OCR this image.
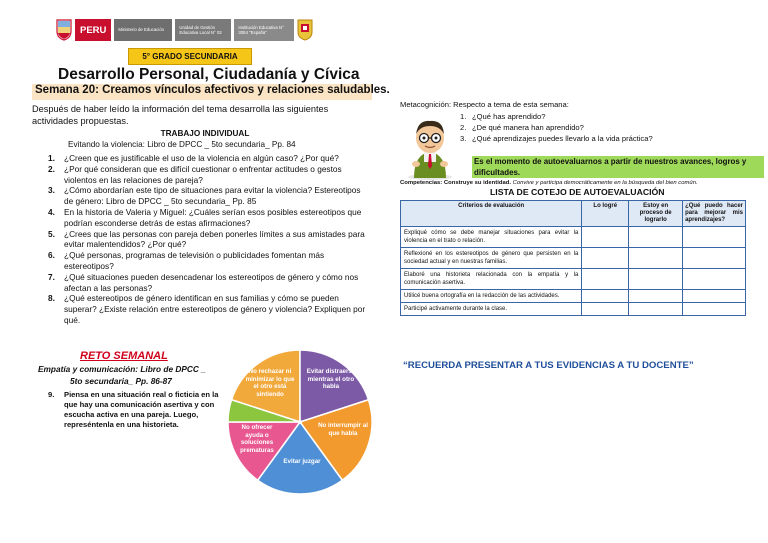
PERU	Ministerio de Educación
Unidad de Gestión Educativa Local N° 02
Institución Educativa N° 3084 "España"
5° GRADO SECUNDARIA
Desarrollo Personal, Ciudadanía y Cívica
Semana 20: Creamos vínculos afectivos y relaciones saludables.
Después de haber leído la información del tema desarrolla las siguientes actividades propuestas.
TRABAJO INDIVIDUAL
Evitando la violencia: Libro de DPCC _ 5to secundaria_ Pp. 84
1.	¿Creen que es justificable el uso de la violencia en algún caso? ¿Por qué?
2.	¿Por qué consideran que es difícil cuestionar o enfrentar actitudes o gestos violentos en las relaciones de pareja?
3.	¿Cómo abordarían este tipo de situaciones para evitar la violencia? Estereotipos de género: Libro de DPCC _ 5to secundaria_ Pp. 85
4.	En la historia de Valeria y Miguel: ¿Cuáles serían esos posibles estereotipos que podrían esconderse detrás de estas afirmaciones?
5.	¿Crees que las personas con pareja deben ponerles límites a sus amistades para evitar malentendidos? ¿Por qué?
6.	¿Qué personas, programas de televisión o publicidades fomentan más estereotipos?
7.	¿Qué situaciones pueden desencadenar los estereotipos de género y cómo nos afectan a las personas?
8.	¿Qué estereotipos de género identifican en sus familias y cómo se pueden superar? ¿Existe relación entre estereotipos de género y violencia? Expliquen por qué.
RETO SEMANAL
Empatía y comunicación: Libro de DPCC _
5to secundaria_ Pp. 86-87
9.	Piensa en una situación real o ficticia en la que hay una comunicación asertiva y con escucha activa en una pareja. Luego, represéntenla en una historieta.
No rechazar ni minimizar lo que el otro está sintiendo
Evitar distraerse mientras el otro habla
No interrumpir al que habla
Evitar juzgar
No ofrecer ayuda o soluciones prematuras
Metacognición: Respecto a tema de esta semana:
1. ¿Qué has aprendido?
2. ¿De qué manera han aprendido?
3. ¿Qué aprendizajes puedes llevarlo a la vida práctica?
Es el momento de autoevaluarnos a partir de nuestros avances, logros y dificultades.
Competencias: Construye su identidad. Convive y participa democráticamente en la búsqueda del bien común.
LISTA DE COTEJO DE AUTOEVALUACIÓN
Criterios de evaluación	Lo logré	Estoy en proceso de lograrlo	¿Qué puedo hacer para mejorar mis aprendizajes?
Expliqué cómo se debe manejar situaciones para evitar la violencia en el trato o relación.			
Reflexioné en los estereotipos de género que persisten en la sociedad actual y en nuestras familias.			
Elaboré una historieta relacionada con la empatía y la comunicación asertiva.			
Utilicé buena ortografía en la redacción de las actividades.			
Participé activamente durante la clase.			
“RECUERDA PRESENTAR A TUS EVIDENCIAS A TU DOCENTE”
